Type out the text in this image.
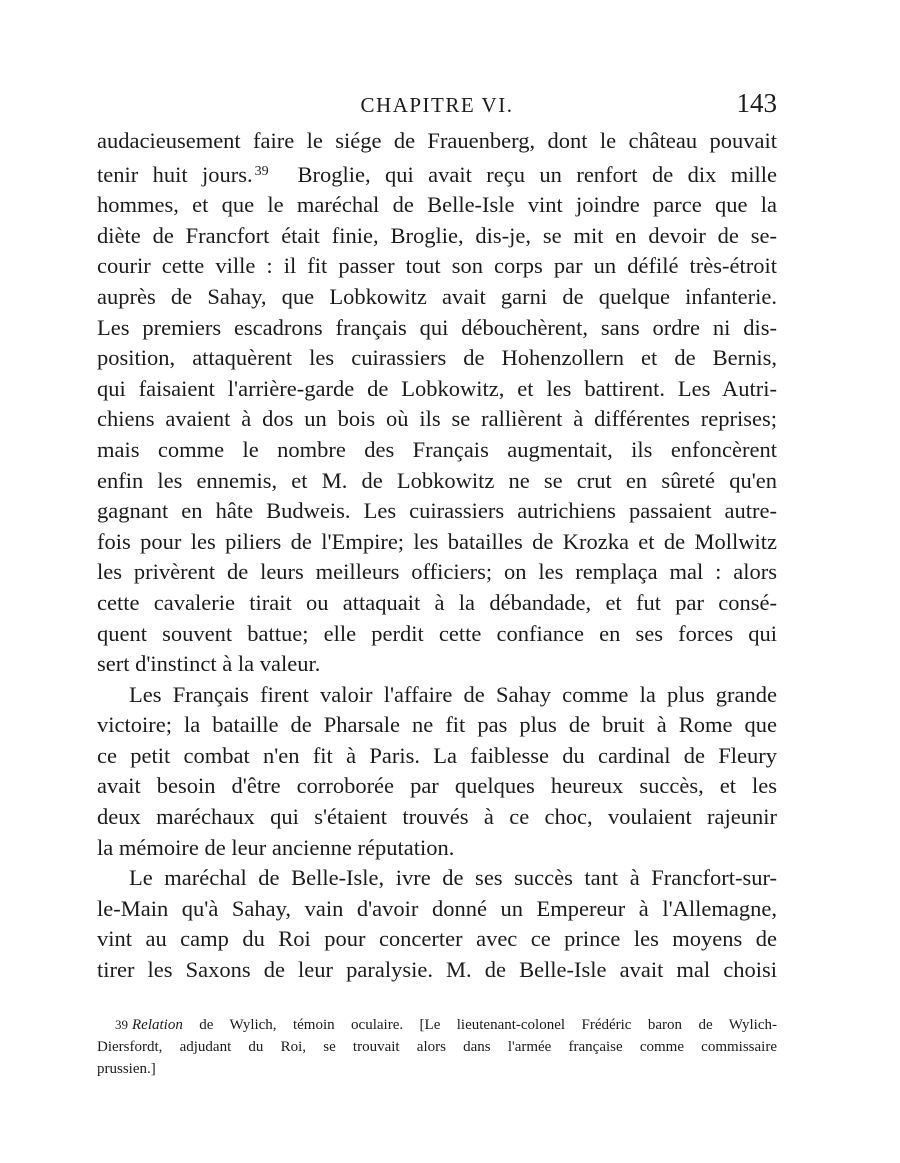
CHAPITRE VI.	143

audacieusement faire le siége de Frauenberg, dont le château pouvait
tenir huit jours. $^{39}$ Broglie, qui avait reçu un renfort de dix mille
hommes, et que le maréchal de Belle-Isle vint joindre parce que la
diète de Francfort était finie, Broglie, dis-je, se mit en devoir de se-
courir cette ville : il fit passer tout son corps par un défilé très-étroit
auprès de Sahay, que Lobkowitz avait garni de quelque infanterie.
Les premiers escadrons français qui débouchèrent, sans ordre ni dis-
position, attaquèrent les cuirassiers de Hohenzollern et de Bernis,
qui faisaient l'arrière-garde de Lobkowitz, et les battirent. Les Autri-
chiens avaient à dos un bois où ils se rallièrent à différentes reprises;
mais comme le nombre des Français augmentait, ils enfoncèrent
enfin les ennemis, et M. de Lobkowitz ne se crut en sûreté qu'en
gagnant en hâte Budweis. Les cuirassiers autrichiens passaient autre-
fois pour les piliers de l'Empire; les batailles de Krozka et de Mollwitz
les privèrent de leurs meilleurs officiers; on les remplaça mal : alors
cette cavalerie tirait ou attaquait à la débandade, et fut par consé-
quent souvent battue; elle perdit cette confiance en ses forces qui
sert d'instinct à la valeur.

Les Français firent valoir l'affaire de Sahay comme la plus grande
victoire; la bataille de Pharsale ne fit pas plus de bruit à Rome que
ce petit combat n'en fit à Paris. La faiblesse du cardinal de Fleury
avait besoin d'être corroborée par quelques heureux succès, et les
deux maréchaux qui s'étaient trouvés à ce choc, voulaient rajeunir
la mémoire de leur ancienne réputation.

Le maréchal de Belle-Isle, ivre de ses succès tant à Francfort-sur-
le-Main qu'à Sahay, vain d'avoir donné un Empereur à l'Allemagne,
vint au camp du Roi pour concerter avec ce prince les moyens de
tirer les Saxons de leur paralysie. M. de Belle-Isle avait mal choisi

39 Relation de Wylich, témoin oculaire. [Le lieutenant-colonel Frédéric baron de Wylich-
Diersfordt, adjudant du Roi, se trouvait alors dans l'armée française comme commissaire
prussien.]
